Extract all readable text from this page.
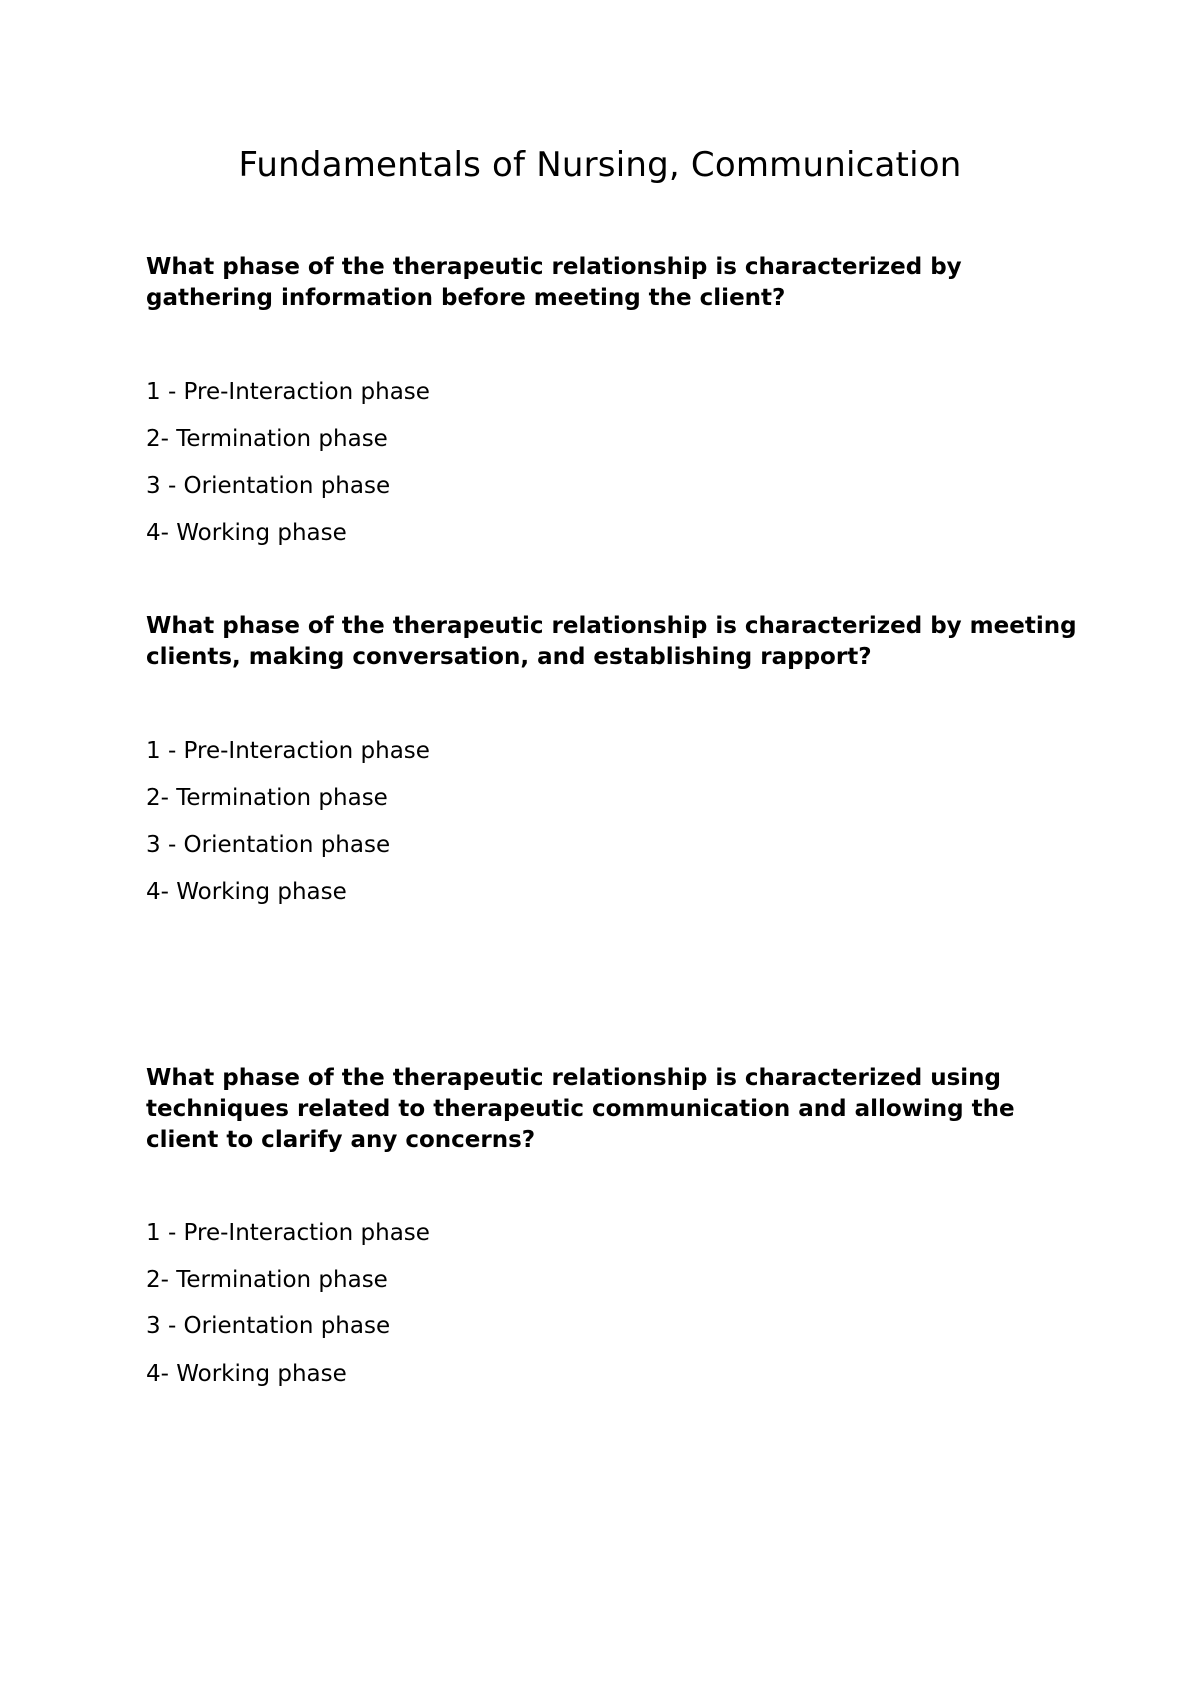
Fundamentals of Nursing, Communication

What phase of the therapeutic relationship is characterized by gathering information before meeting the client?

1 - Pre-Interaction phase

2- Termination phase

3 - Orientation phase

4- Working phase

What phase of the therapeutic relationship is characterized by meeting clients, making conversation, and establishing rapport?

1 - Pre-Interaction phase

2- Termination phase

3 - Orientation phase

4- Working phase

What phase of the therapeutic relationship is characterized using techniques related to therapeutic communication and allowing the client to clarify any concerns?

1 - Pre-Interaction phase

2- Termination phase

3 - Orientation phase

4- Working phase
